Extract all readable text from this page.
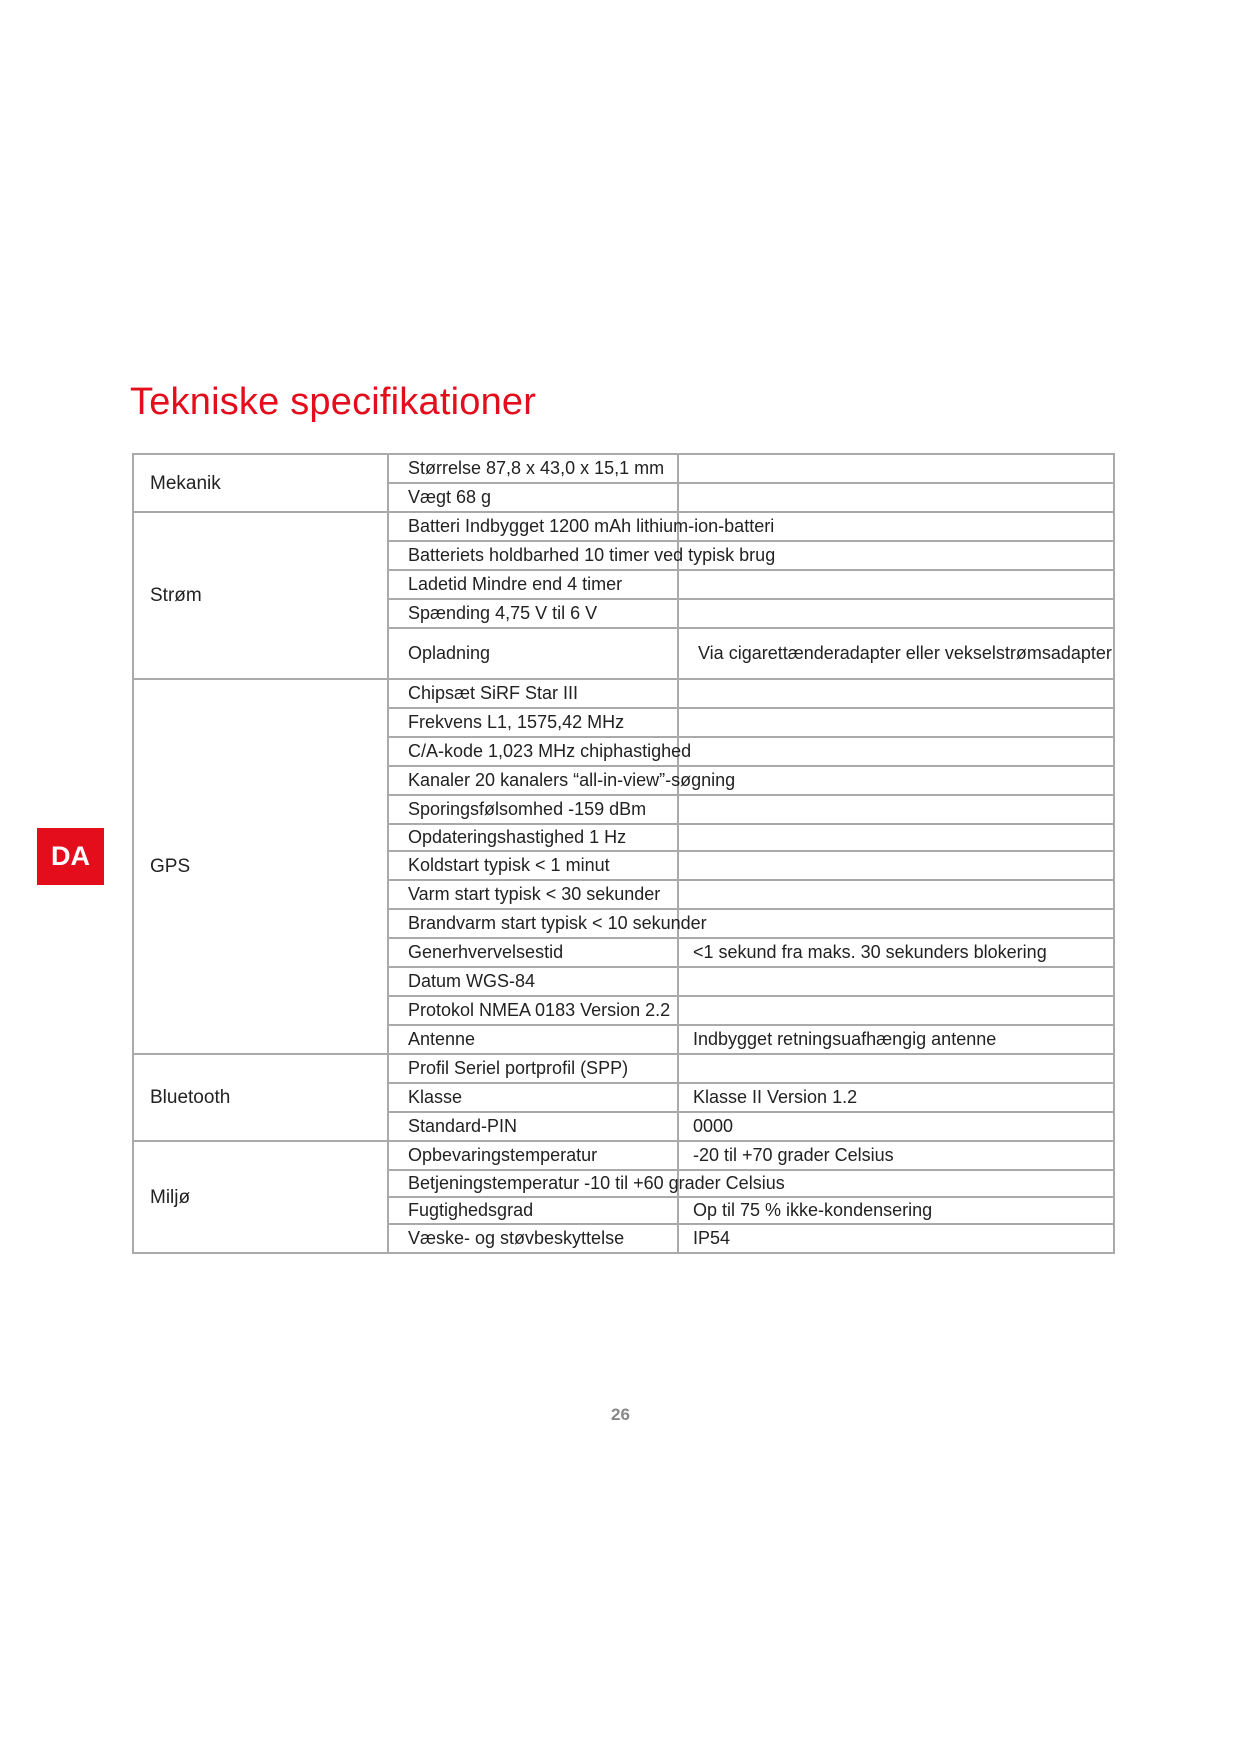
Tekniske specifikationer
DA
Mekanik	Størrelse 87,8 x 43,0 x 15,1 mm	
	Vægt 68 g	
Strøm	Batteri Indbygget 1200 mAh lithium-ion-batteri	
	Batteriets holdbarhed 10 timer ved typisk brug	
	Ladetid Mindre end 4 timer	
	Spænding 4,75 V til 6 V	
	Opladning	Via cigarettænderadapter eller vekselstrømsadapter
GPS	Chipsæt SiRF Star III	
	Frekvens L1, 1575,42 MHz	
	C/A-kode 1,023 MHz chiphastighed	
	Kanaler 20 kanalers “all-in-view”-søgning	
	Sporingsfølsomhed -159 dBm	
	Opdateringshastighed 1 Hz	
	Koldstart typisk < 1 minut	
	Varm start typisk < 30 sekunder	
	Brandvarm start typisk < 10 sekunder	
	Generhvervelsestid	<1 sekund fra maks. 30 sekunders blokering
	Datum WGS-84	
	Protokol NMEA 0183 Version 2.2	
	Antenne	Indbygget retningsuafhængig antenne
Bluetooth	Profil Seriel portprofil (SPP)	
	Klasse	Klasse II Version 1.2
	Standard-PIN	0000
Miljø	Opbevaringstemperatur	-20 til +70 grader Celsius
	Betjeningstemperatur -10 til +60 grader Celsius	
	Fugtighedsgrad	Op til 75 % ikke-kondensering
	Væske- og støvbeskyttelse	IP54
26
